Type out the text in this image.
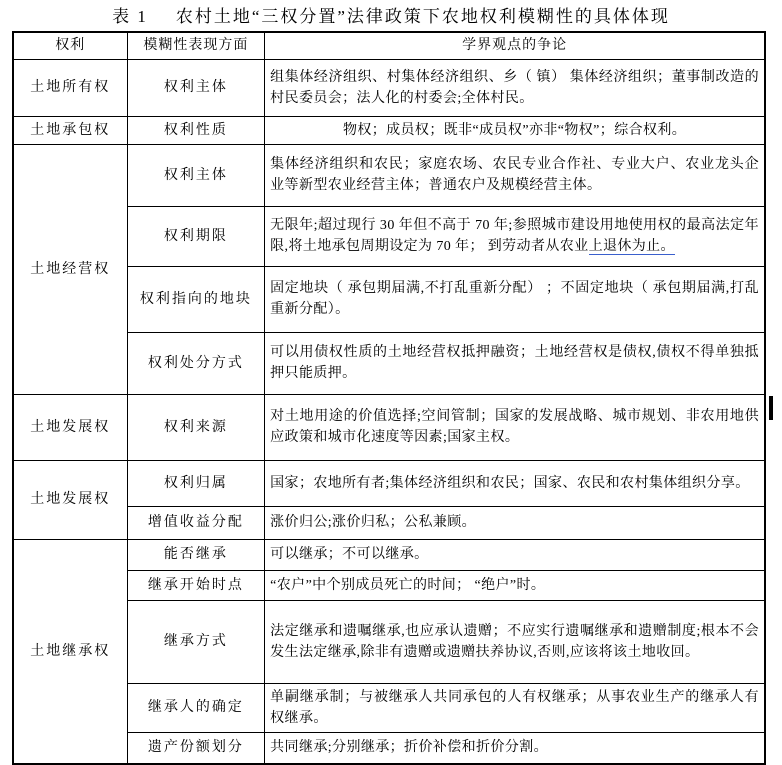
表 1 农村土地“三权分置”法律政策下农地权利模糊性的具体体现
权利	模糊性表现方面	学界观点的争论
土地所有权	权利主体	组集体经济组织、村集体经济组织、乡（ 镇） 集体经济组织；董事制改造的村民委员会；法人化的村委会;全体村民。
土地承包权	权利性质	物权；成员权；既非“成员权”亦非“物权”；综合权利。
土地经营权	权利主体	集体经济组织和农民；家庭农场、农民专业合作社、专业大户、农业龙头企业等新型农业经营主体；普通农户及规模经营主体。
	权利期限	无限年;超过现行 30 年但不高于 70 年;参照城市建设用地使用权的最高法定年限,将土地承包周期设定为 70 年； 到劳动者从农业上退休为止。
	权利指向的地块	固定地块（ 承包期届满,不打乱重新分配） ；不固定地块（ 承包期届满,打乱重新分配）。
	权利处分方式	可以用债权性质的土地经营权抵押融资；土地经营权是债权,债权不得单独抵押只能质押。
土地发展权	权利来源	对土地用途的价值选择;空间管制；国家的发展战略、城市规划、非农用地供应政策和城市化速度等因素;国家主权。
土地发展权	权利归属	国家；农地所有者;集体经济组织和农民；国家、农民和农村集体组织分享。
	增值收益分配	涨价归公;涨价归私；公私兼顾。
土地继承权	能否继承	可以继承；不可以继承。
	继承开始时点	“农户”中个别成员死亡的时间； “绝户”时。
	继承方式	法定继承和遗嘱继承,也应承认遗赠；不应实行遗嘱继承和遗赠制度;根本不会发生法定继承,除非有遗赠或遗赠扶养协议,否则,应该将该土地收回。
	继承人的确定	单嗣继承制；与被继承人共同承包的人有权继承；从事农业生产的继承人有权继承。
	遗产份额划分	共同继承;分别继承；折价补偿和折价分割。
